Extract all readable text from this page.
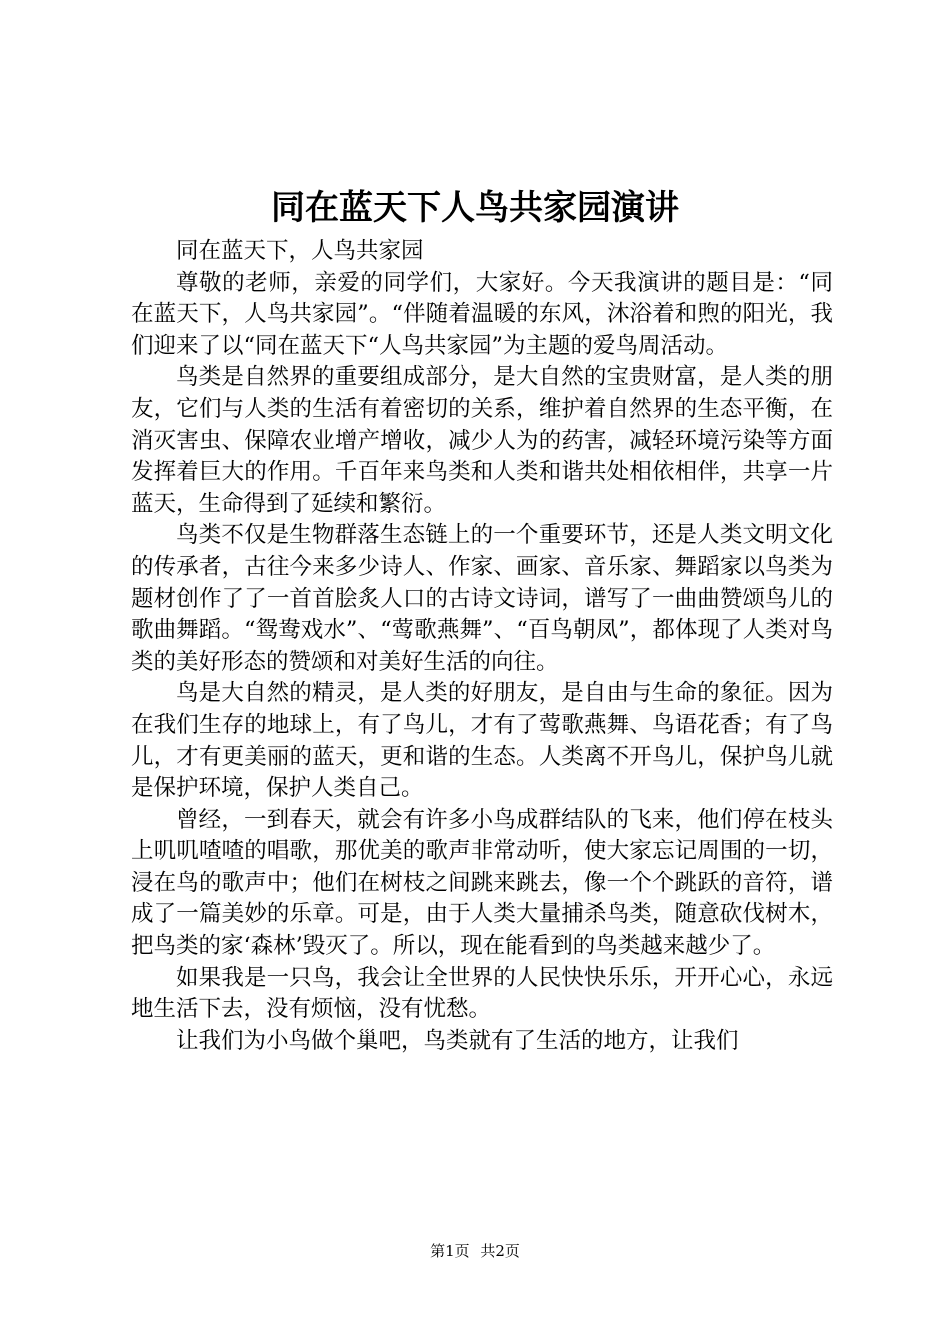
同在蓝天下人鸟共家园演讲

同在蓝天下，人鸟共家园

尊敬的老师，亲爱的同学们，大家好。今天我演讲的题目是：“同在蓝天下，人鸟共家园”。“伴随着温暖的东风，沐浴着和煦的阳光，我们迎来了以“同在蓝天下“人鸟共家园”为主题的爱鸟周活动。

鸟类是自然界的重要组成部分，是大自然的宝贵财富，是人类的朋友，它们与人类的生活有着密切的关系，维护着自然界的生态平衡，在消灭害虫、保障农业增产增收，减少人为的药害，减轻环境污染等方面发挥着巨大的作用。千百年来鸟类和人类和谐共处相依相伴，共享一片蓝天，生命得到了延续和繁衍。

鸟类不仅是生物群落生态链上的一个重要环节，还是人类文明文化的传承者，古往今来多少诗人、作家、画家、音乐家、舞蹈家以鸟类为题材创作了了一首首脍炙人口的古诗文诗词，谱写了一曲曲赞颂鸟儿的歌曲舞蹈。“鸳鸯戏水”、“莺歌燕舞”、“百鸟朝凤”，都体现了人类对鸟类的美好形态的赞颂和对美好生活的向往。

鸟是大自然的精灵，是人类的好朋友，是自由与生命的象征。因为在我们生存的地球上，有了鸟儿，才有了莺歌燕舞、鸟语花香；有了鸟儿，才有更美丽的蓝天，更和谐的生态。人类离不开鸟儿，保护鸟儿就是保护环境，保护人类自己。

曾经，一到春天，就会有许多小鸟成群结队的飞来，他们停在枝头上叽叽喳喳的唱歌，那优美的歌声非常动听，使大家忘记周围的一切，浸在鸟的歌声中；他们在树枝之间跳来跳去，像一个个跳跃的音符，谱成了一篇美妙的乐章。可是，由于人类大量捕杀鸟类，随意砍伐树木，把鸟类的家‘森林’毁灭了。所以，现在能看到的鸟类越来越少了。

如果我是一只鸟，我会让全世界的人民快快乐乐，开开心心，永远地生活下去，没有烦恼，没有忧愁。

让我们为小鸟做个巢吧，鸟类就有了生活的地方，让我们

第1页 共2页
